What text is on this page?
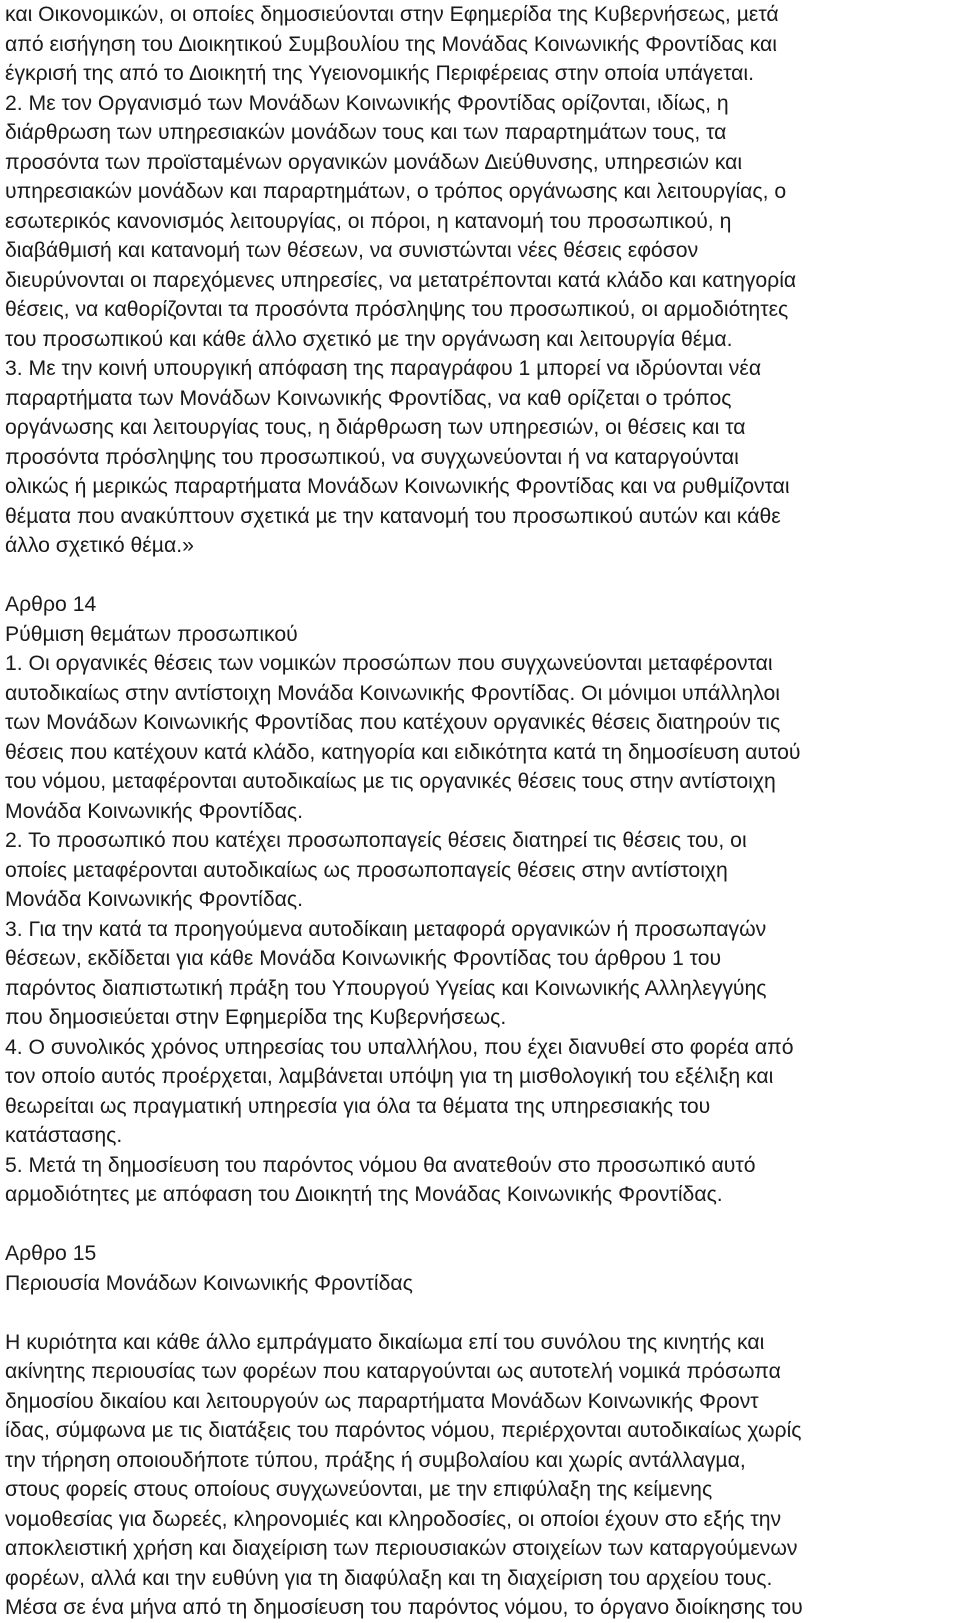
και Οικονοµικών, οι οποίες δηµοσιεύονται στην Εφηµερίδα της Κυβερνήσεως, µετά
από εισήγηση του ∆ιοικητικού Συµβουλίου της Μονάδας Κοινωνικής Φροντίδας και
έγκρισή της από το ∆ιοικητή της Υγειονοµικής Περιφέρειας στην οποία υπάγεται.
2. Με τον Οργανισµό των Μονάδων Κοινωνικής Φροντίδας ορίζονται, ιδίως, η
διάρθρωση των υπηρεσιακών µονάδων τους και των παραρτηµάτων τους, τα
προσόντα των προϊσταµένων οργανικών µονάδων ∆ιεύθυνσης, υπηρεσιών και
υπηρεσιακών µονάδων και παραρτηµάτων, ο τρόπος οργάνωσης και λειτουργίας, ο
εσωτερικός κανονισµός λειτουργίας, οι πόροι, η κατανοµή του προσωπικού, η
διαβάθµισή και κατανοµή των θέσεων, να συνιστώνται νέες θέσεις εφόσον
διευρύνονται οι παρεχόµενες υπηρεσίες, να µετατρέπονται κατά κλάδο και κατηγορία
θέσεις, να καθορίζονται τα προσόντα πρόσληψης του προσωπικού, οι αρµοδιότητες
του προσωπικού και κάθε άλλο σχετικό µε την οργάνωση και λειτουργία θέµα.
3. Με την κοινή υπουργική απόφαση της παραγράφου 1 µπορεί να ιδρύονται νέα
παραρτήµατα των Μονάδων Κοινωνικής Φροντίδας, να καθ ορίζεται ο τρόπος
οργάνωσης και λειτουργίας τους, η διάρθρωση των υπηρεσιών, οι θέσεις και τα
προσόντα πρόσληψης του προσωπικού, να συγχωνεύονται ή να καταργούνται
ολικώς ή µερικώς παραρτήµατα Μονάδων Κοινωνικής Φροντίδας και να ρυθµίζονται
θέµατα που ανακύπτουν σχετικά µε την κατανοµή του προσωπικού αυτών και κάθε
άλλο σχετικό θέµα.»
Αρθρο 14
Ρύθµιση θεµάτων προσωπικού
1. Οι οργανικές θέσεις των νοµικών προσώπων που συγχωνεύονται µεταφέρονται
αυτοδικαίως στην αντίστοιχη Μονάδα Κοινωνικής Φροντίδας. Οι µόνιµοι υπάλληλοι
των Μονάδων Κοινωνικής Φροντίδας που κατέχουν οργανικές θέσεις διατηρούν τις
θέσεις που κατέχουν κατά κλάδο, κατηγορία και ειδικότητα κατά τη δηµοσίευση αυτού
του νόµου, µεταφέρονται αυτοδικαίως µε τις οργανικές θέσεις τους στην αντίστοιχη
Μονάδα Κοινωνικής Φροντίδας.
2. Το προσωπικό που κατέχει προσωποπαγείς θέσεις διατηρεί τις θέσεις του, οι
οποίες µεταφέρονται αυτοδικαίως ως προσωποπαγείς θέσεις στην αντίστοιχη
Μονάδα Κοινωνικής Φροντίδας.
3. Για την κατά τα προηγούµενα αυτοδίκαιη µεταφορά οργανικών ή προσωπαγών
θέσεων, εκδίδεται για κάθε Μονάδα Κοινωνικής Φροντίδας του άρθρου 1 του
παρόντος διαπιστωτική πράξη του Υπουργού Υγείας και Κοινωνικής Αλληλεγγύης
που δηµοσιεύεται στην Εφηµερίδα της Κυβερνήσεως.
4. Ο συνολικός χρόνος υπηρεσίας του υπαλλήλου, που έχει διανυθεί στο φορέα από
τον οποίο αυτός προέρχεται, λαµβάνεται υπόψη για τη µισθολογική του εξέλιξη και
θεωρείται ως πραγµατική υπηρεσία για όλα τα θέµατα της υπηρεσιακής του
κατάστασης.
5. Μετά τη δηµοσίευση του παρόντος νόµου θα ανατεθούν στο προσωπικό αυτό
αρµοδιότητες µε απόφαση του ∆ιοικητή της Μονάδας Κοινωνικής Φροντίδας.
Αρθρο 15
Περιουσία Μονάδων Κοινωνικής Φροντίδας
Η κυριότητα και κάθε άλλο εµπράγµατο δικαίωµα επί του συνόλου της κινητής και
ακίνητης περιουσίας των φορέων που καταργούνται ως αυτοτελή νοµικά πρόσωπα
δηµοσίου δικαίου και λειτουργούν ως παραρτήµατα Μονάδων Κοινωνικής Φροντ
ίδας, σύµφωνα µε τις διατάξεις του παρόντος νόµου, περιέρχονται αυτοδικαίως χωρίς
την τήρηση οποιουδήποτε τύπου, πράξης ή συµβολαίου και χωρίς αντάλλαγµα,
στους φορείς στους οποίους συγχωνεύονται, µε την επιφύλαξη της κείµενης
νοµοθεσίας για δωρεές, κληρονοµιές και κληροδοσίες, οι οποίοι έχουν στο εξής την
αποκλειστική χρήση και διαχείριση των περιουσιακών στοιχείων των καταργούµενων
φορέων, αλλά και την ευθύνη για τη διαφύλαξη και τη διαχείριση του αρχείου τους.
Μέσα σε ένα µήνα από τη δηµοσίευση του παρόντος νόµου, το όργανο διοίκησης του
